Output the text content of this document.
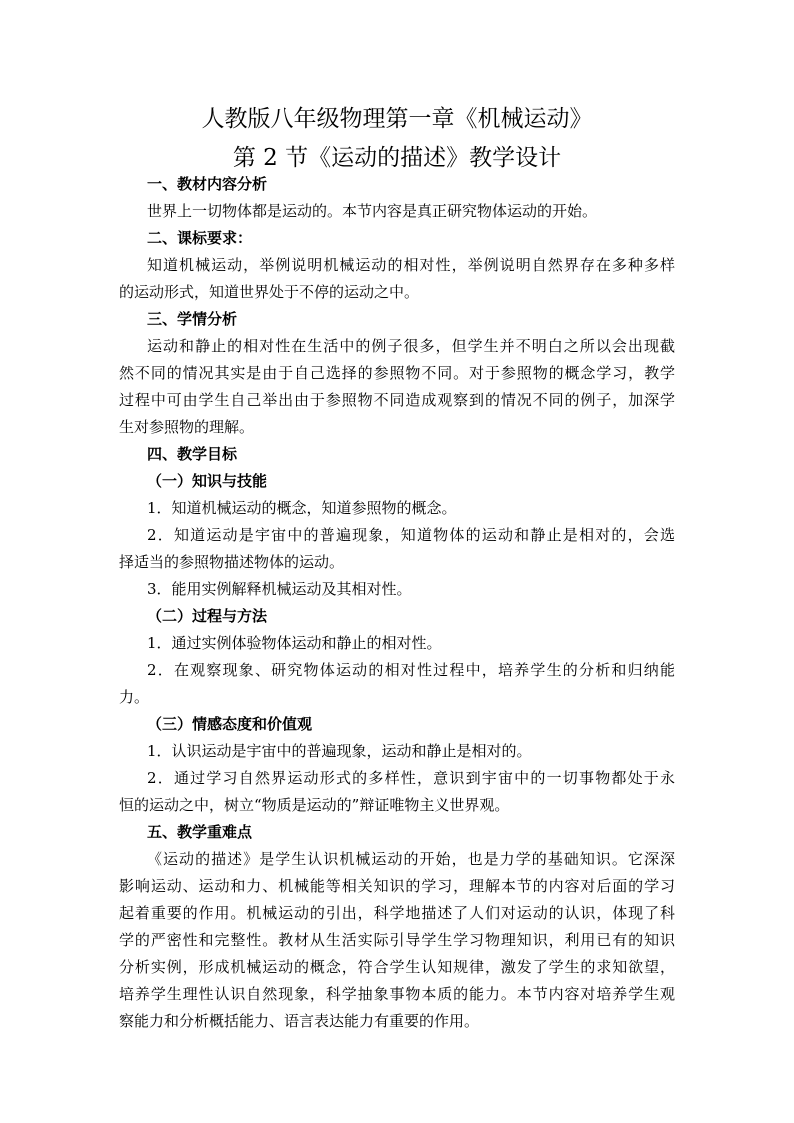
人教版八年级物理第一章《机械运动》
第 2 节《运动的描述》教学设计
一、教材内容分析
世界上一切物体都是运动的。本节内容是真正研究物体运动的开始。
二、课标要求：
知道机械运动，举例说明机械运动的相对性，举例说明自然界存在多种多样
的运动形式，知道世界处于不停的运动之中。
三、学情分析
运动和静止的相对性在生活中的例子很多，但学生并不明白之所以会出现截
然不同的情况其实是由于自己选择的参照物不同。对于参照物的概念学习，教学
过程中可由学生自己举出由于参照物不同造成观察到的情况不同的例子，加深学
生对参照物的理解。
四、教学目标
（一）知识与技能
1．知道机械运动的概念，知道参照物的概念。
2．知道运动是宇宙中的普遍现象，知道物体的运动和静止是相对的，会选
择适当的参照物描述物体的运动。
3．能用实例解释机械运动及其相对性。
（二）过程与方法
1．通过实例体验物体运动和静止的相对性。
2．在观察现象、研究物体运动的相对性过程中，培养学生的分析和归纳能
力。
（三）情感态度和价值观
1．认识运动是宇宙中的普遍现象，运动和静止是相对的。
2．通过学习自然界运动形式的多样性，意识到宇宙中的一切事物都处于永
恒的运动之中，树立“物质是运动的”辩证唯物主义世界观。
五、教学重难点
《运动的描述》是学生认识机械运动的开始，也是力学的基础知识。它深深
影响运动、运动和力、机械能等相关知识的学习，理解本节的内容对后面的学习
起着重要的作用。机械运动的引出，科学地描述了人们对运动的认识，体现了科
学的严密性和完整性。教材从生活实际引导学生学习物理知识，利用已有的知识
分析实例，形成机械运动的概念，符合学生认知规律，激发了学生的求知欲望，
培养学生理性认识自然现象，科学抽象事物本质的能力。本节内容对培养学生观
察能力和分析概括能力、语言表达能力有重要的作用。
